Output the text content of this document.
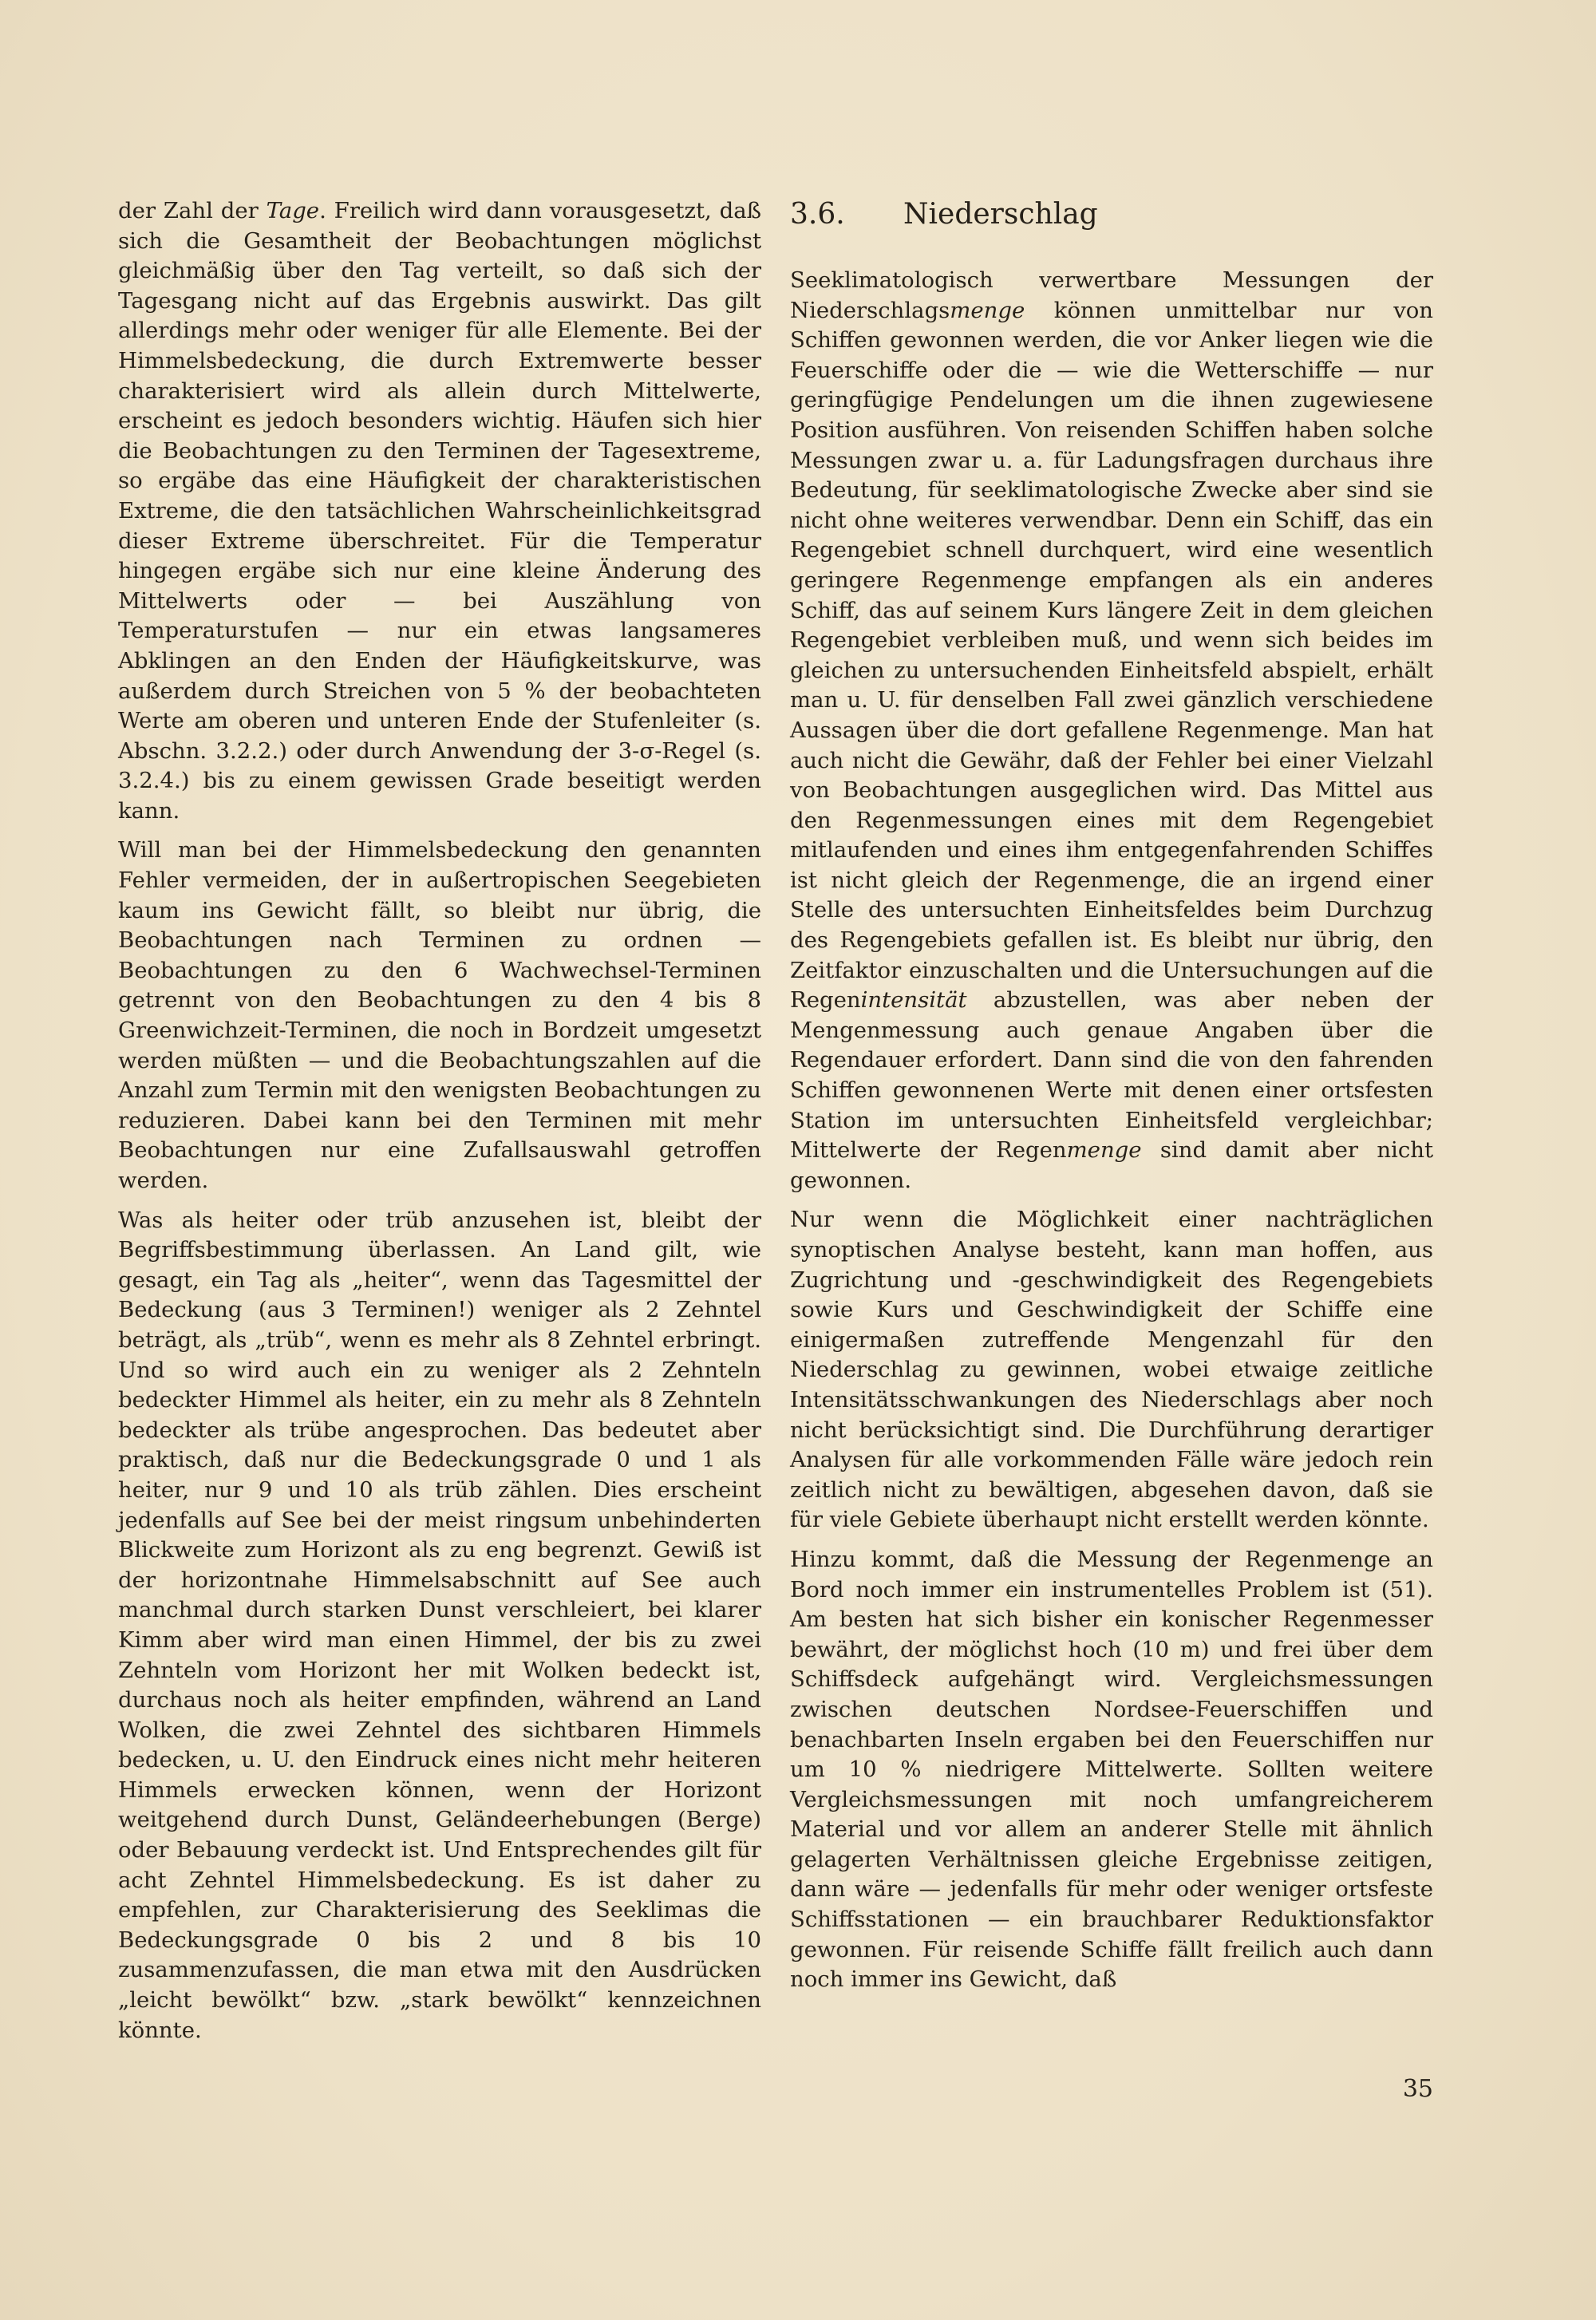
der Zahl der Tage. Freilich wird dann vorausgesetzt, daß sich die Gesamtheit der Beobachtungen möglichst gleichmäßig über den Tag verteilt, so daß sich der Tagesgang nicht auf das Ergebnis auswirkt. Das gilt allerdings mehr oder weniger für alle Elemente. Bei der Himmelsbedeckung, die durch Extremwerte besser charakterisiert wird als allein durch Mittelwerte, erscheint es jedoch besonders wichtig. Häufen sich hier die Beobachtungen zu den Terminen der Tagesextreme, so ergäbe das eine Häufigkeit der charakteristischen Extreme, die den tatsächlichen Wahrscheinlichkeitsgrad dieser Extreme überschreitet. Für die Temperatur hingegen ergäbe sich nur eine kleine Änderung des Mittelwerts oder — bei Auszählung von Temperaturstufen — nur ein etwas langsameres Abklingen an den Enden der Häufigkeitskurve, was außerdem durch Streichen von 5 % der beobachteten Werte am oberen und unteren Ende der Stufenleiter (s. Abschn. 3.2.2.) oder durch Anwendung der 3-σ-Regel (s. 3.2.4.) bis zu einem gewissen Grade beseitigt werden kann.

Will man bei der Himmelsbedeckung den genannten Fehler vermeiden, der in außertropischen Seegebieten kaum ins Gewicht fällt, so bleibt nur übrig, die Beobachtungen nach Terminen zu ordnen — Beobachtungen zu den 6 Wachwechsel-Terminen getrennt von den Beobachtungen zu den 4 bis 8 Greenwichzeit-Terminen, die noch in Bordzeit umgesetzt werden müßten — und die Beobachtungszahlen auf die Anzahl zum Termin mit den wenigsten Beobachtungen zu reduzieren. Dabei kann bei den Terminen mit mehr Beobachtungen nur eine Zufallsauswahl getroffen werden.

Was als heiter oder trüb anzusehen ist, bleibt der Begriffsbestimmung überlassen. An Land gilt, wie gesagt, ein Tag als „heiter“, wenn das Tagesmittel der Bedeckung (aus 3 Terminen!) weniger als 2 Zehntel beträgt, als „trüb“, wenn es mehr als 8 Zehntel erbringt. Und so wird auch ein zu weniger als 2 Zehnteln bedeckter Himmel als heiter, ein zu mehr als 8 Zehnteln bedeckter als trübe angesprochen. Das bedeutet aber praktisch, daß nur die Bedeckungsgrade 0 und 1 als heiter, nur 9 und 10 als trüb zählen. Dies erscheint jedenfalls auf See bei der meist ringsum unbehinderten Blickweite zum Horizont als zu eng begrenzt. Gewiß ist der horizontnahe Himmelsabschnitt auf See auch manchmal durch starken Dunst verschleiert, bei klarer Kimm aber wird man einen Himmel, der bis zu zwei Zehnteln vom Horizont her mit Wolken bedeckt ist, durchaus noch als heiter empfinden, während an Land Wolken, die zwei Zehntel des sichtbaren Himmels bedecken, u. U. den Eindruck eines nicht mehr heiteren Himmels erwecken können, wenn der Horizont weitgehend durch Dunst, Geländeerhebungen (Berge) oder Bebauung verdeckt ist. Und Entsprechendes gilt für acht Zehntel Himmelsbedeckung. Es ist daher zu empfehlen, zur Charakterisierung des Seeklimas die Bedeckungsgrade 0 bis 2 und 8 bis 10 zusammenzufassen, die man etwa mit den Ausdrücken „leicht bewölkt“ bzw. „stark bewölkt“ kennzeichnen könnte.

3.6. Niederschlag

Seeklimatologisch verwertbare Messungen der Niederschlagsmenge können unmittelbar nur von Schiffen gewonnen werden, die vor Anker liegen wie die Feuerschiffe oder die — wie die Wetterschiffe — nur geringfügige Pendelungen um die ihnen zugewiesene Position ausführen. Von reisenden Schiffen haben solche Messungen zwar u. a. für Ladungsfragen durchaus ihre Bedeutung, für seeklimatologische Zwecke aber sind sie nicht ohne weiteres verwendbar. Denn ein Schiff, das ein Regengebiet schnell durchquert, wird eine wesentlich geringere Regenmenge empfangen als ein anderes Schiff, das auf seinem Kurs längere Zeit in dem gleichen Regengebiet verbleiben muß, und wenn sich beides im gleichen zu untersuchenden Einheitsfeld abspielt, erhält man u. U. für denselben Fall zwei gänzlich verschiedene Aussagen über die dort gefallene Regenmenge. Man hat auch nicht die Gewähr, daß der Fehler bei einer Vielzahl von Beobachtungen ausgeglichen wird. Das Mittel aus den Regenmessungen eines mit dem Regengebiet mitlaufenden und eines ihm entgegenfahrenden Schiffes ist nicht gleich der Regenmenge, die an irgend einer Stelle des untersuchten Einheitsfeldes beim Durchzug des Regengebiets gefallen ist. Es bleibt nur übrig, den Zeitfaktor einzuschalten und die Untersuchungen auf die Regenintensität abzustellen, was aber neben der Mengenmessung auch genaue Angaben über die Regendauer erfordert. Dann sind die von den fahrenden Schiffen gewonnenen Werte mit denen einer ortsfesten Station im untersuchten Einheitsfeld vergleichbar; Mittelwerte der Regenmenge sind damit aber nicht gewonnen.

Nur wenn die Möglichkeit einer nachträglichen synoptischen Analyse besteht, kann man hoffen, aus Zugrichtung und -geschwindigkeit des Regengebiets sowie Kurs und Geschwindigkeit der Schiffe eine einigermaßen zutreffende Mengenzahl für den Niederschlag zu gewinnen, wobei etwaige zeitliche Intensitätsschwankungen des Niederschlags aber noch nicht berücksichtigt sind. Die Durchführung derartiger Analysen für alle vorkommenden Fälle wäre jedoch rein zeitlich nicht zu bewältigen, abgesehen davon, daß sie für viele Gebiete überhaupt nicht erstellt werden könnte.

Hinzu kommt, daß die Messung der Regenmenge an Bord noch immer ein instrumentelles Problem ist (51). Am besten hat sich bisher ein konischer Regenmesser bewährt, der möglichst hoch (10 m) und frei über dem Schiffsdeck aufgehängt wird. Vergleichsmessungen zwischen deutschen Nordsee-Feuerschiffen und benachbarten Inseln ergaben bei den Feuerschiffen nur um 10 % niedrigere Mittelwerte. Sollten weitere Vergleichsmessungen mit noch umfangreicherem Material und vor allem an anderer Stelle mit ähnlich gelagerten Verhältnissen gleiche Ergebnisse zeitigen, dann wäre — jedenfalls für mehr oder weniger ortsfeste Schiffsstationen — ein brauchbarer Reduktionsfaktor gewonnen. Für reisende Schiffe fällt freilich auch dann noch immer ins Gewicht, daß

35
